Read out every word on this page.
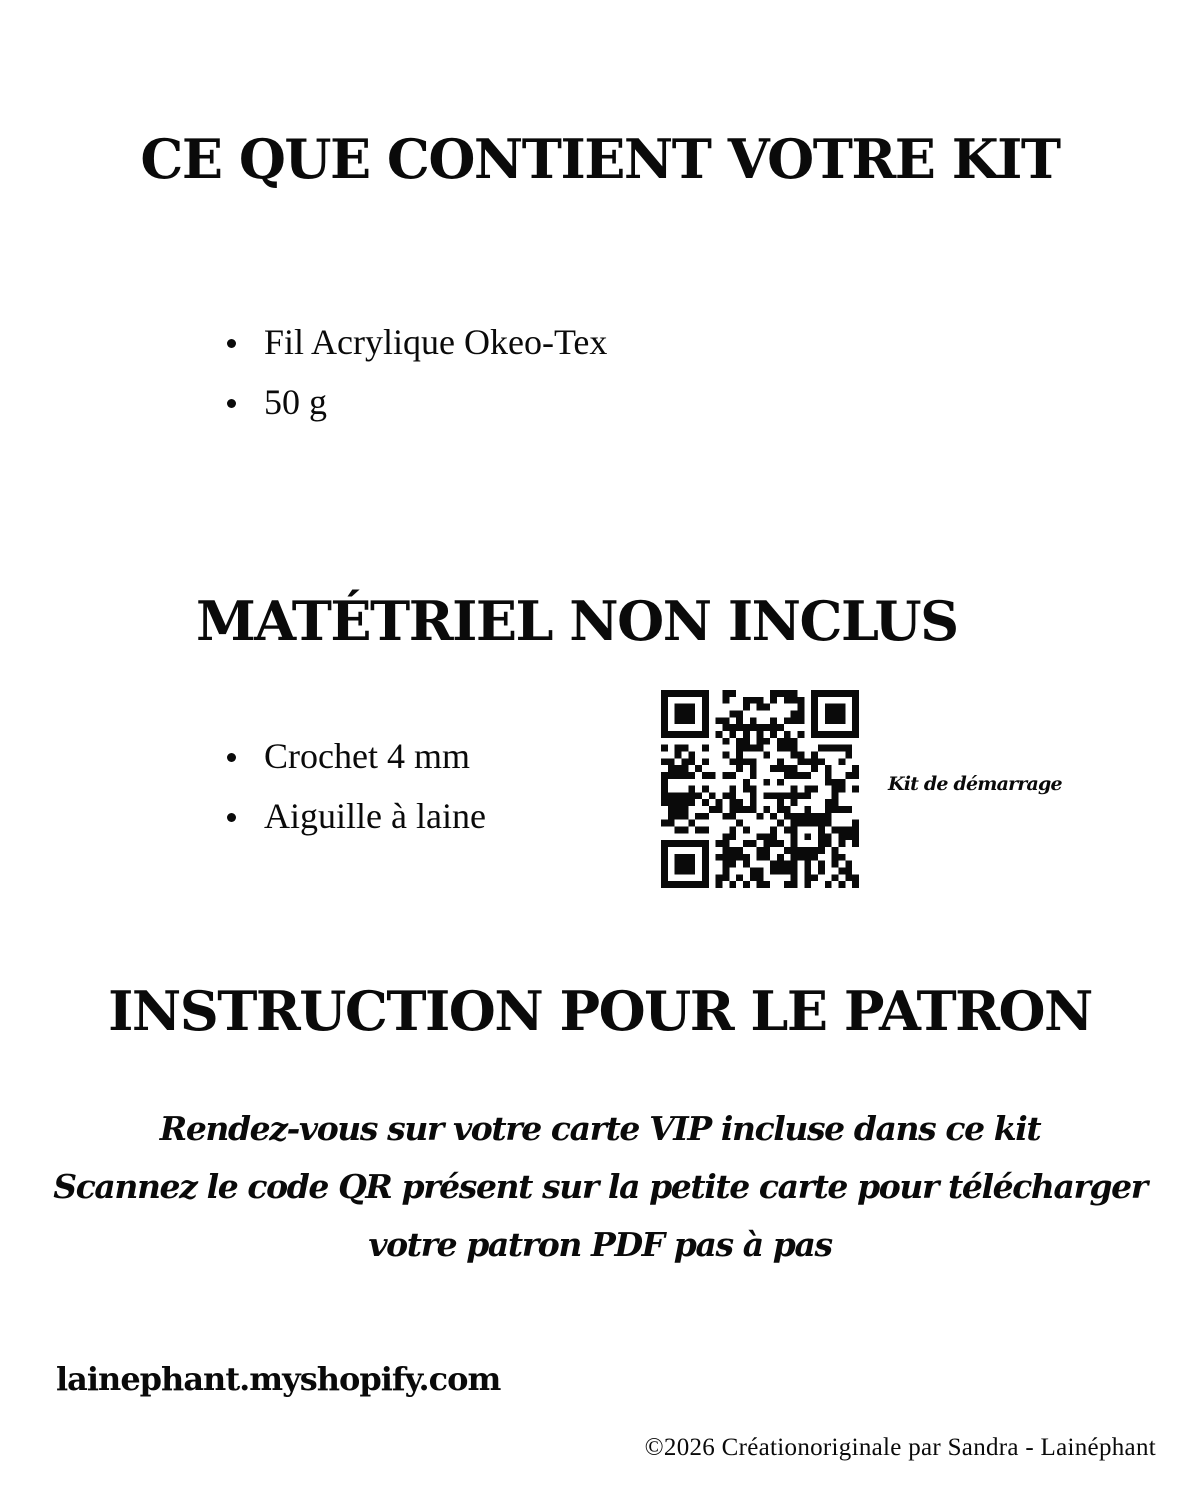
CE QUE CONTIENT VOTRE KIT
Fil Acrylique Okeo-Tex
50 g
MATÉTRIEL NON INCLUS
Crochet 4 mm
Aiguille à laine
Kit de démarrage
INSTRUCTION POUR LE PATRON
Rendez-vous sur votre carte VIP incluse dans ce kit
Scannez le code QR présent sur la petite carte pour télécharger
votre patron PDF pas à pas
lainephant.myshopify.com
©2026 Créationoriginale par Sandra - Lainéphant
